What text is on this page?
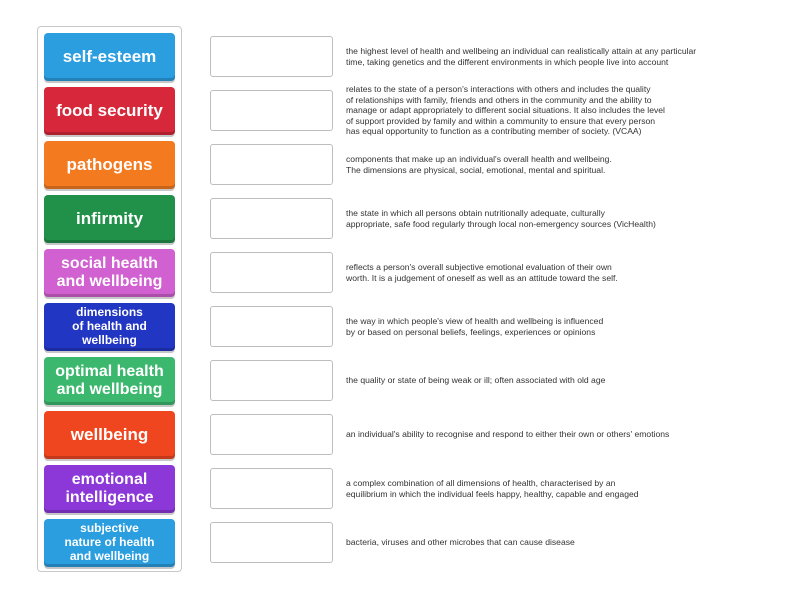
self-esteem
food security
pathogens
infirmity
social health
and wellbeing
dimensions
of health and
wellbeing
optimal health
and wellbeing
wellbeing
emotional
intelligence
subjective
nature of health
and wellbeing
the highest level of health and wellbeing an individual can realistically attain at any particular
time, taking genetics and the different environments in which people live into account
relates to the state of a person's interactions with others and includes the quality
of relationships with family, friends and others in the community and the ability to
manage or adapt appropriately to different social situations. It also includes the level
of support provided by family and within a community to ensure that every person
has equal opportunity to function as a contributing member of society. (VCAA)
components that make up an individual's overall health and wellbeing.
The dimensions are physical, social, emotional, mental and spiritual.
the state in which all persons obtain nutritionally adequate, culturally
appropriate, safe food regularly through local non-emergency sources (VicHealth)
reflects a person's overall subjective emotional evaluation of their own
worth. It is a judgement of oneself as well as an attitude toward the self.
the way in which people's view of health and wellbeing is influenced
by or based on personal beliefs, feelings, experiences or opinions
the quality or state of being weak or ill; often associated with old age
an individual's ability to recognise and respond to either their own or others' emotions
a complex combination of all dimensions of health, characterised by an
equilibrium in which the individual feels happy, healthy, capable and engaged
bacteria, viruses and other microbes that can cause disease
